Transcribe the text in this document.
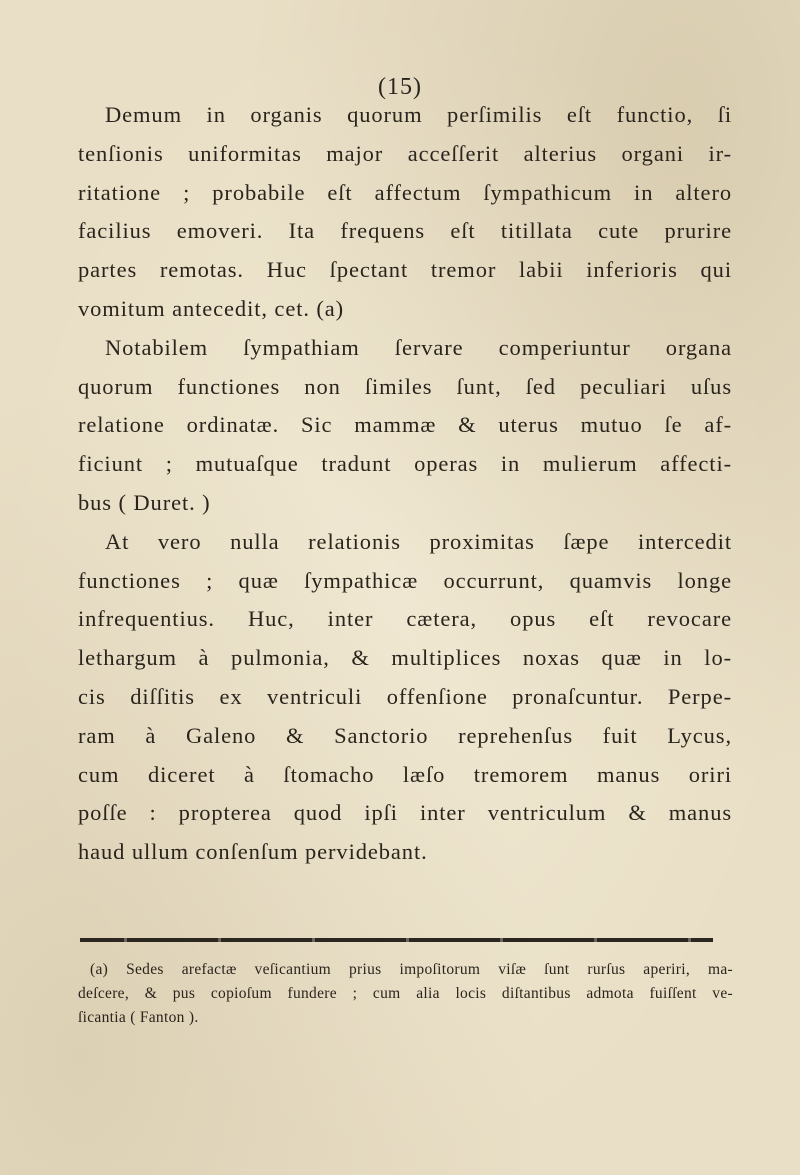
(15)
Demum in organis quorum perſimilis eſt functio, ſi
tenſionis uniformitas major acceſſerit alterius organi ir-
ritatione ; probabile eſt affectum ſympathicum in altero
facilius emoveri. Ita frequens eſt titillata cute prurire
partes remotas. Huc ſpectant tremor labii inferioris qui
vomitum antecedit, cet. (a)
Notabilem ſympathiam ſervare comperiuntur organa
quorum functiones non ſimiles ſunt, ſed peculiari uſus
relatione ordinatæ. Sic mammæ & uterus mutuo ſe af-
ficiunt ; mutuaſque tradunt operas in mulierum affecti-
bus ( Duret. )
At vero nulla relationis proximitas ſæpe intercedit
functiones ; quæ ſympathicæ occurrunt, quamvis longe
infrequentius. Huc, inter cætera, opus eſt revocare
lethargum à pulmonia, & multiplices noxas quæ in lo-
cis diſſitis ex ventriculi offenſione pronaſcuntur. Perpe-
ram à Galeno & Sanctorio reprehenſus fuit Lycus,
cum diceret à ſtomacho læſo tremorem manus oriri
poſſe : propterea quod ipſi inter ventriculum & manus
haud ullum conſenſum pervidebant.
(a) Sedes arefactæ veſicantium prius impoſitorum viſæ ſunt rurſus aperiri, ma-
deſcere, & pus copioſum fundere ; cum alia locis diſtantibus admota fuiſſent ve-
ſicantia ( Fanton ).
